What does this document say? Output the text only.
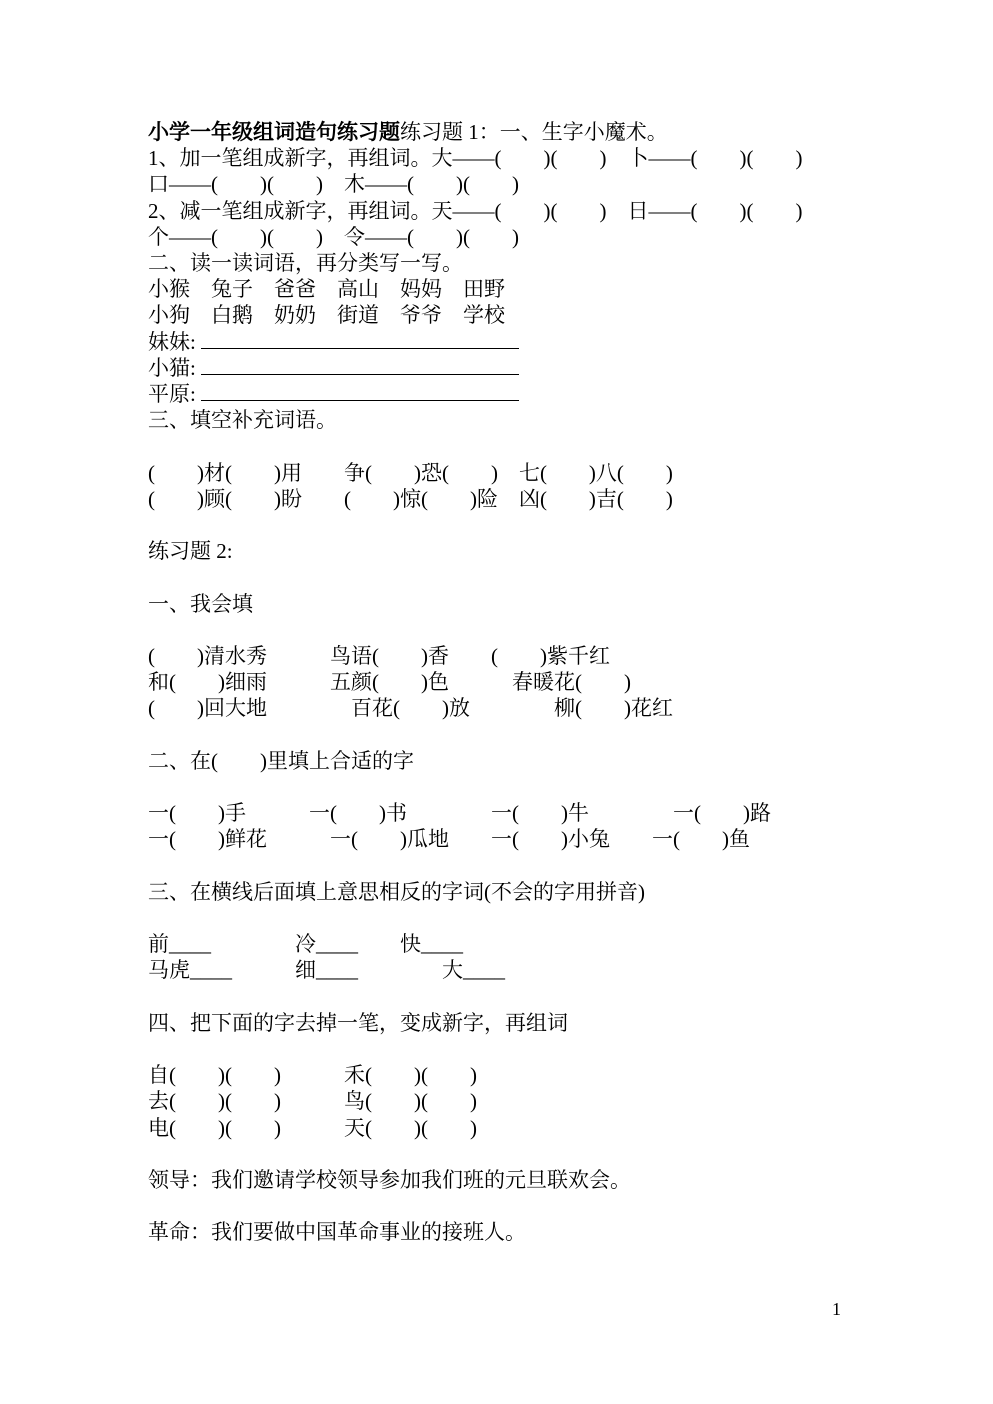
小学一年级组词造句练习题练习题 1：一、生字小魔术。
1、加一笔组成新字，再组词。大——(　　)(　　)　卜——(　　)(　　)
口——(　　)(　　)　木——(　　)(　　)
2、减一笔组成新字，再组词。天——(　　)(　　)　日——(　　)(　　)
个——(　　)(　　)　令——(　　)(　　)
二、读一读词语，再分类写一写。
小猴　兔子　爸爸　高山　妈妈　田野
小狗　白鹅　奶奶　街道　爷爷　学校
妹妹:
小猫:
平原:
三、填空补充词语。
(　　)材(　　)用　　争(　　)恐(　　)　七(　　)八(　　)
(　　)顾(　　)盼　　(　　)惊(　　)险　凶(　　)吉(　　)
练习题 2:
一、我会填
(　　)清水秀　　　鸟语(　　)香　　(　　)紫千红
和(　　)细雨　　　五颜(　　)色　　　春暖花(　　)
(　　)回大地　　　　百花(　　)放　　　　柳(　　)花红
二、在(　　)里填上合适的字
一(　　)手　　　一(　　)书　　　　一(　　)牛　　　　一(　　)路
一(　　)鲜花　　　一(　　)瓜地　　一(　　)小兔　　一(　　)鱼
三、在横线后面填上意思相反的字词(不会的字用拼音)
前____　　　　冷____　　快____
马虎____　　　细____　　　　大____
四、把下面的字去掉一笔，变成新字，再组词
自(　　)(　　)　　　禾(　　)(　　)
去(　　)(　　)　　　鸟(　　)(　　)
电(　　)(　　)　　　天(　　)(　　)
领导：我们邀请学校领导参加我们班的元旦联欢会。
革命：我们要做中国革命事业的接班人。
1
